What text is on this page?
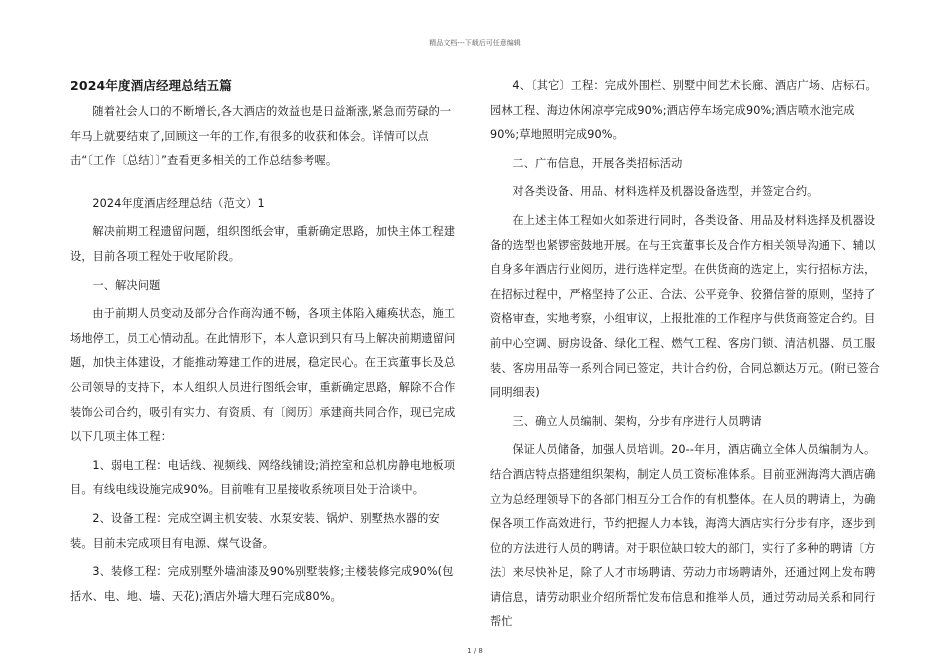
精品文档---下载后可任意编辑
2024年度酒店经理总结五篇

随着社会人口的不断增长,各大酒店的效益也是日益渐涨,紧急而劳碌的一年马上就要结束了,回顾这一年的工作,有很多的收获和体会。详情可以点击“〔工作〔总结〕〕”查看更多相关的工作总结参考喔。

2024年度酒店经理总结（范文）1

解决前期工程遗留问题，组织图纸会审，重新确定思路，加快主体工程建设，目前各项工程处于收尾阶段。

一、解决问题

由于前期人员变动及部分合作商沟通不畅，各项主体陷入瘫痪状态，施工场地停工，员工心情动乱。在此情形下，本人意识到只有马上解决前期遗留问题，加快主体建设，才能推动筹建工作的进展，稳定民心。在王宾董事长及总公司领导的支持下，本人组织人员进行图纸会审，重新确定思路，解除不合作装饰公司合约，吸引有实力、有资质、有〔阅历〕承建商共同合作，现已完成以下几项主体工程：

1、弱电工程：电话线、视频线、网络线铺设;消控室和总机房静电地板项目。有线电线设施完成90%。目前唯有卫星接收系统项目处于洽谈中。

2、设备工程：完成空调主机安装、水泵安装、锅炉、别墅热水器的安装。目前未完成项目有电源、煤气设备。

3、装修工程：完成别墅外墙油漆及90%别墅装修;主楼装修完成90%(包括水、电、地、墙、天花);酒店外墙大理石完成80%。

4、〔其它〕工程：完成外围栏、别墅中间艺术长廊、酒店广场、店标石。园林工程、海边休闲凉亭完成90%;酒店停车场完成90%;酒店喷水池完成90%;草地照明完成90%。

二、广布信息，开展各类招标活动

对各类设备、用品、材料选样及机器设备选型，并签定合约。

在上述主体工程如火如荼进行同时，各类设备、用品及材料选择及机器设备的选型也紧锣密鼓地开展。在与王宾董事长及合作方相关领导沟通下、辅以自身多年酒店行业阅历，进行选样定型。在供货商的选定上，实行招标方法，在招标过程中，严格坚持了公正、合法、公平竞争、狡猾信誉的原则，坚持了资格审查，实地考察，小组审议，上报批准的工作程序与供货商签定合约。目前中心空调、厨房设备、绿化工程、燃气工程、客房门锁、清洁机器、员工服装、客房用品等一系列合同已签定，共计合约份，合同总额达万元。(附已签合同明细表)

三、确立人员编制、架构，分步有序进行人员聘请

保证人员储备，加强人员培训。20--年月，酒店确立全体人员编制为人。结合酒店特点搭建组织架构，制定人员工资标准体系。目前亚洲海湾大酒店确立为总经理领导下的各部门相互分工合作的有机整体。在人员的聘请上，为确保各项工作高效进行，节约把握人力本钱，海湾大酒店实行分步有序，逐步到位的方法进行人员的聘请。对于职位缺口较大的部门，实行了多种的聘请〔方法〕来尽快补足，除了人才市场聘请、劳动力市场聘请外，还通过网上发布聘请信息，请劳动职业介绍所帮忙发布信息和推举人员，通过劳动局关系和同行帮忙

1 / 8
